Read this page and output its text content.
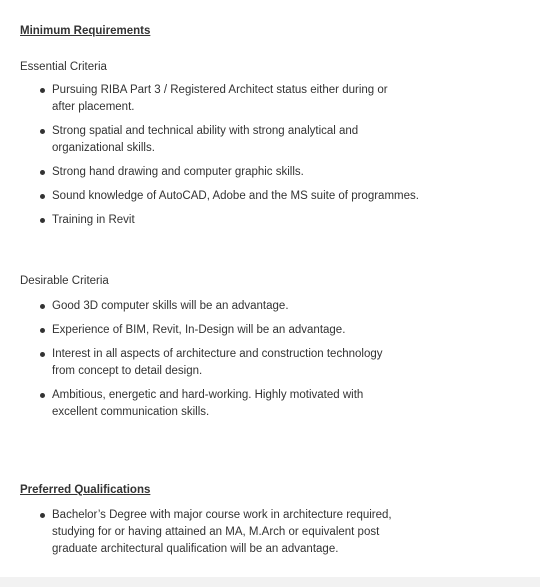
Minimum Requirements

Essential Criteria

Pursuing RIBA Part 3 / Registered Architect status either during or after placement.
Strong spatial and technical ability with strong analytical and organizational skills.
Strong hand drawing and computer graphic skills.
Sound knowledge of AutoCAD, Adobe and the MS suite of programmes.
Training in Revit

Desirable Criteria

Good 3D computer skills will be an advantage.
Experience of BIM, Revit, In-Design will be an advantage.
Interest in all aspects of architecture and construction technology from concept to detail design.
Ambitious, energetic and hard-working. Highly motivated with excellent communication skills.
Preferred Qualifications
Bachelor’s Degree with major course work in architecture required, studying for or having attained an MA, M.Arch or equivalent post graduate architectural qualification will be an advantage.
